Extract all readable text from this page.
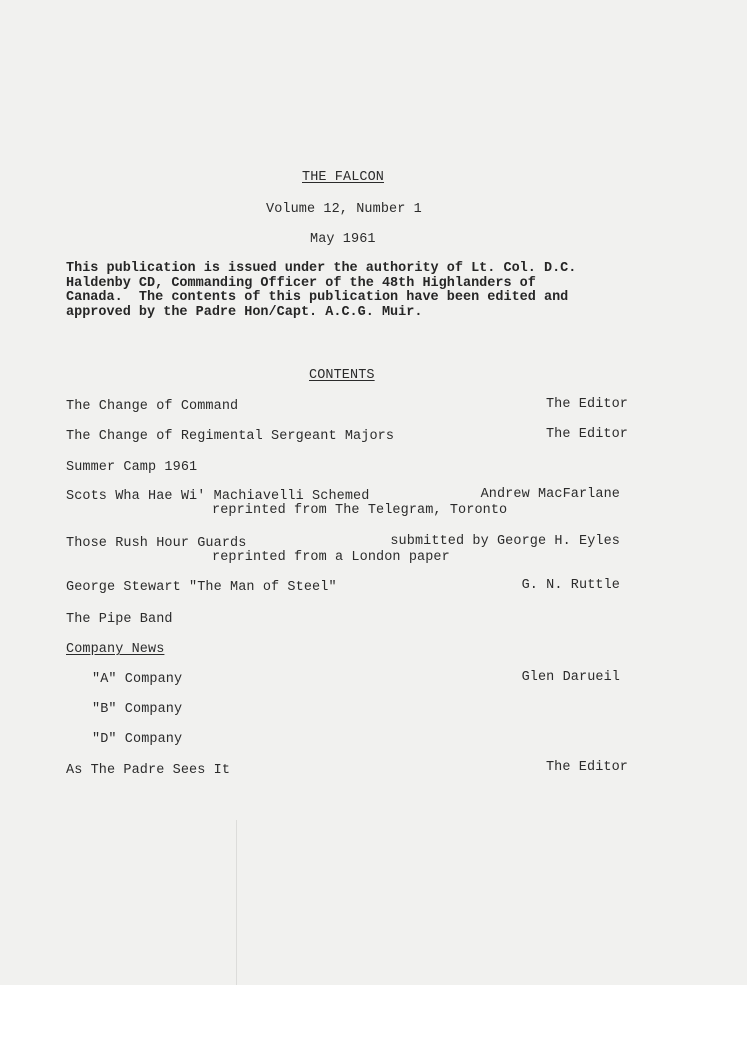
THE FALCON
Volume 12, Number 1
May 1961
This publication is issued under the authority of Lt. Col. D.C.
Haldenby CD, Commanding Officer of the 48th Highlanders of
Canada.  The contents of this publication have been edited and
approved by the Padre Hon/Capt. A.C.G. Muir.
CONTENTS
The Change of Command	The Editor
The Change of Regimental Sergeant Majors	The Editor
Summer Camp 1961
Scots Wha Hae Wi' Machiavelli Schemed	Andrew MacFarlane
reprinted from The Telegram, Toronto
Those Rush Hour Guards	submitted by George H. Eyles
reprinted from a London paper
George Stewart "The Man of Steel"	G. N. Ruttle
The Pipe Band
Company News
"A" Company	Glen Darueil
"B" Company
"D" Company
As The Padre Sees It	The Editor
